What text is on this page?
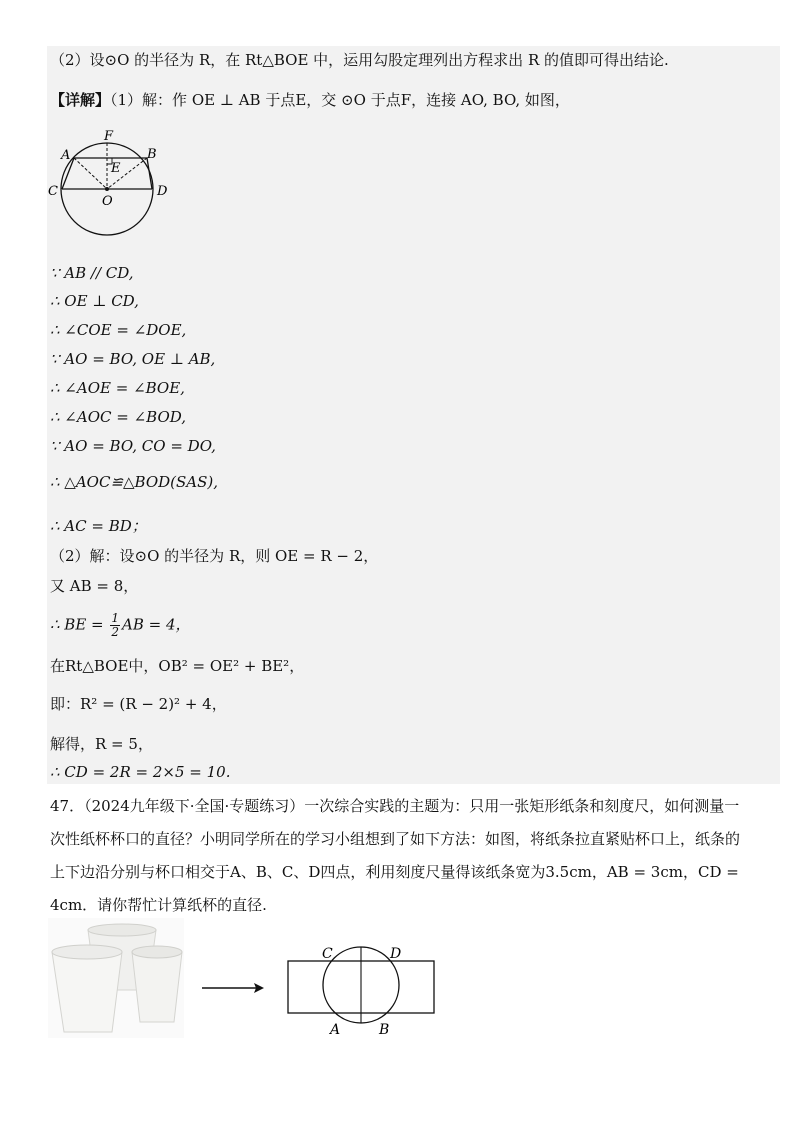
（2）设⊙O 的半径为 R，在 Rt△BOE 中，运用勾股定理列出方程求出 R 的值即可得出结论.
【详解】（1）解：作 OE ⊥ AB 于点E，交 ⊙O 于点F，连接 AO, BO, 如图，
F
A	B
E
C	D
O
∵ AB // CD,
∴ OE ⊥ CD,
∴ ∠COE = ∠DOE,
∵ AO = BO, OE ⊥ AB,
∴ ∠AOE = ∠BOE,
∴ ∠AOC = ∠BOD,
∵ AO = BO, CO = DO,
∴ △AOC≌△BOD(SAS),
∴ AC = BD；
（2）解：设⊙O 的半径为 R，则 OE = R − 2，
又 AB = 8，
∴ BE = $\frac{1}{2}$ AB = 4，
在Rt△BOE中，OB² = OE² + BE²，
即：R² = (R − 2)² + 4，
解得，R = 5，
∴ CD = 2R = 2×5 = 10.
47．（2024九年级下·全国·专题练习）一次综合实践的主题为：只用一张矩形纸条和刻度尺，如何测量一次性纸杯杯口的直径？小明同学所在的学习小组想到了如下方法：如图，将纸条拉直紧贴杯口上，纸条的上下边沿分别与杯口相交于A、B、C、D四点，利用刻度尺量得该纸条宽为3.5cm，AB = 3cm，CD = 4cm．请你帮忙计算纸杯的直径.
C	D
A	B
